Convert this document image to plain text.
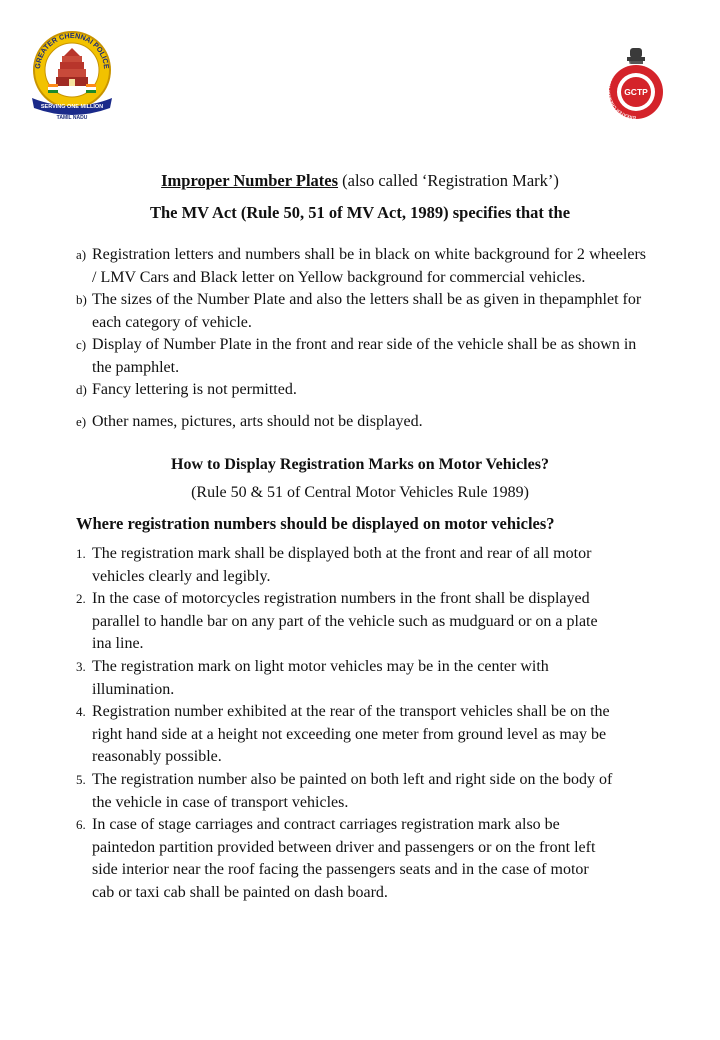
GREATER CHENNAI POLICE
SERVING ONE MILLION
TAMIL NADU	GREATER CHENNAI TRAFFIC POLICE
GCTP
Improper Number Plates (also called ‘Registration Mark’)
The MV Act (Rule 50, 51 of MV Act, 1989) specifies that the
a) Registration letters and numbers shall be in black on white background for 2 wheelers / LMV Cars and Black letter on Yellow background for commercial vehicles.
b) The sizes of the Number Plate and also the letters shall be as given in thepamphlet for each category of vehicle.
c) Display of Number Plate in the front and rear side of the vehicle shall be as shown in the pamphlet.
d) Fancy lettering is not permitted.
e) Other names, pictures, arts should not be displayed.
How to Display Registration Marks on Motor Vehicles?
(Rule 50 & 51 of Central Motor Vehicles Rule 1989)
Where registration numbers should be displayed on motor vehicles?
1. The registration mark shall be displayed both at the front and rear of all motor
vehicles clearly and legibly.
2. In the case of motorcycles registration numbers in the front shall be displayed
parallel to handle bar on any part of the vehicle such as mudguard or on a plate
ina line.
3. The registration mark on light motor vehicles may be in the center with
illumination.
4. Registration number exhibited at the rear of the transport vehicles shall be on the
right hand side at a height not exceeding one meter from ground level as may be
reasonably possible.
5. The registration number also be painted on both left and right side on the body of
the vehicle in case of transport vehicles.
6. In case of stage carriages and contract carriages registration mark also be
paintedon partition provided between driver and passengers or on the front left
side interior near the roof facing the passengers seats and in the case of motor
cab or taxi cab shall be painted on dash board.
